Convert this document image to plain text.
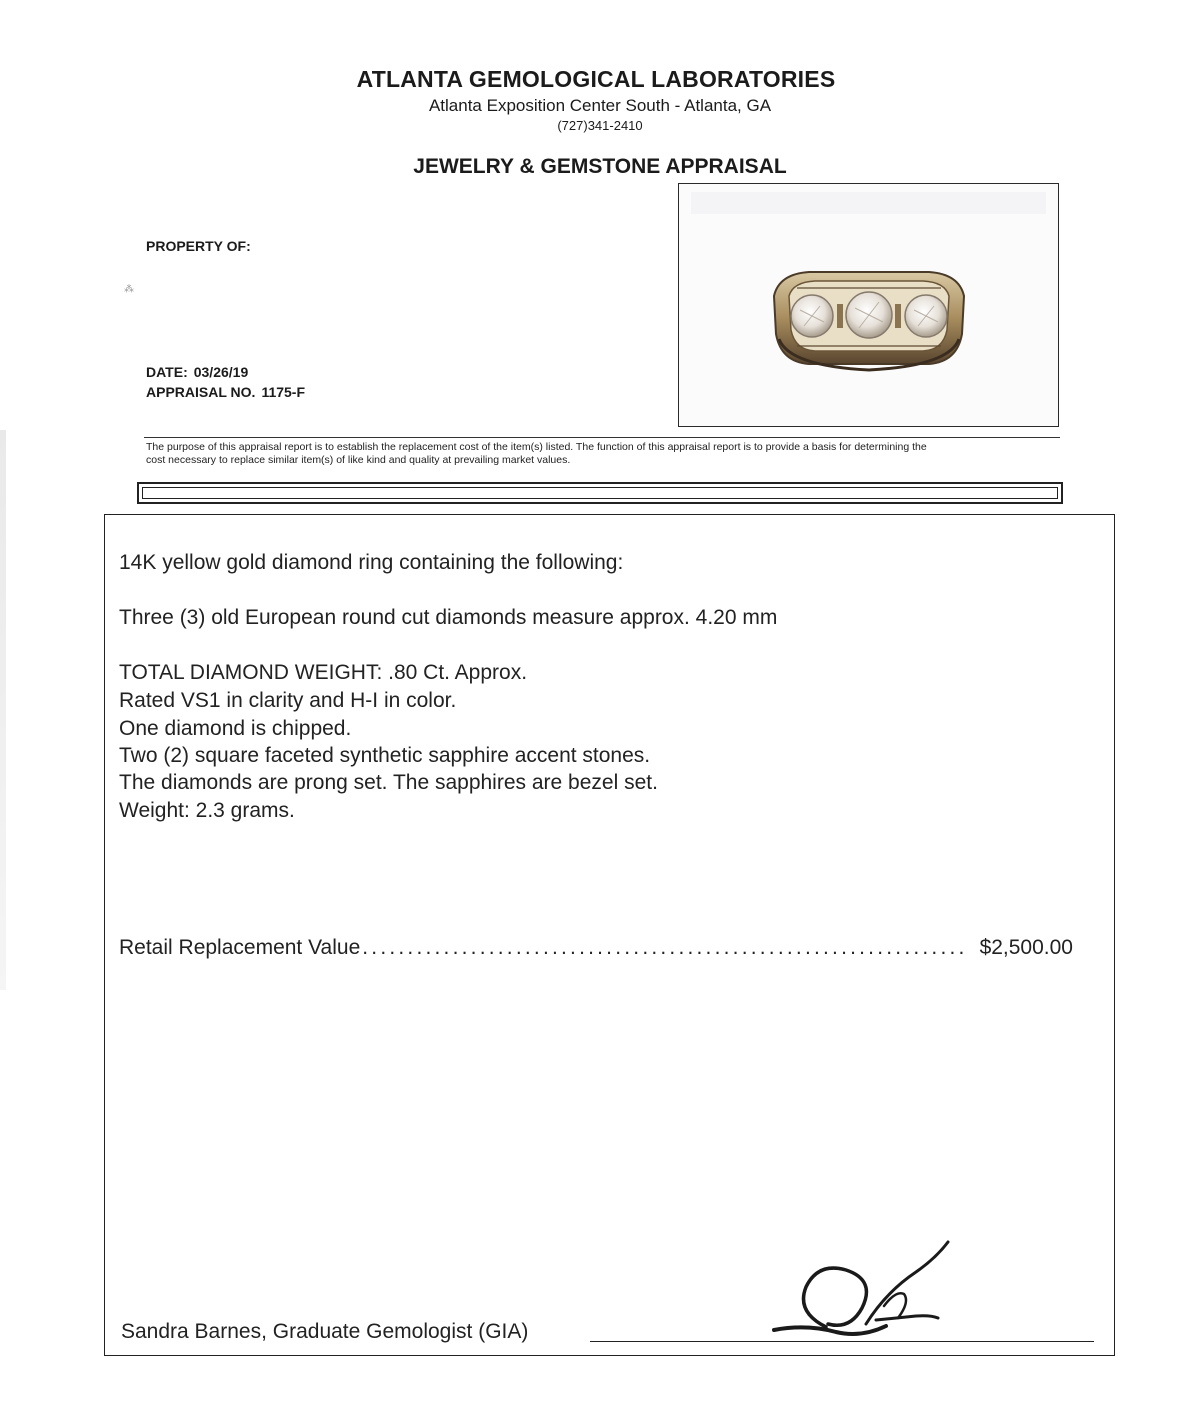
ATLANTA GEMOLOGICAL LABORATORIES
Atlanta Exposition Center South - Atlanta, GA
(727)341-2410
JEWELRY & GEMSTONE APPRAISAL
PROPERTY OF:
⁂
DATE: 03/26/19
APPRAISAL NO. 1175-F
The purpose of this appraisal report is to establish the replacement cost of the item(s) listed. The function of this appraisal report is to provide a basis for determining the
cost necessary to replace similar item(s) of like kind and quality at prevailing market values.
14K yellow gold diamond ring containing the following:
Three (3) old European round cut diamonds measure approx. 4.20 mm
TOTAL DIAMOND WEIGHT: .80 Ct. Approx.
Rated VS1 in clarity and H-I in color.
One diamond is chipped.
Two (2) square faceted synthetic sapphire accent stones.
The diamonds are prong set. The sapphires are bezel set.
Weight: 2.3 grams.
Retail Replacement Value ................................................................... $2,500.00
Sandra Barnes, Graduate Gemologist (GIA)
